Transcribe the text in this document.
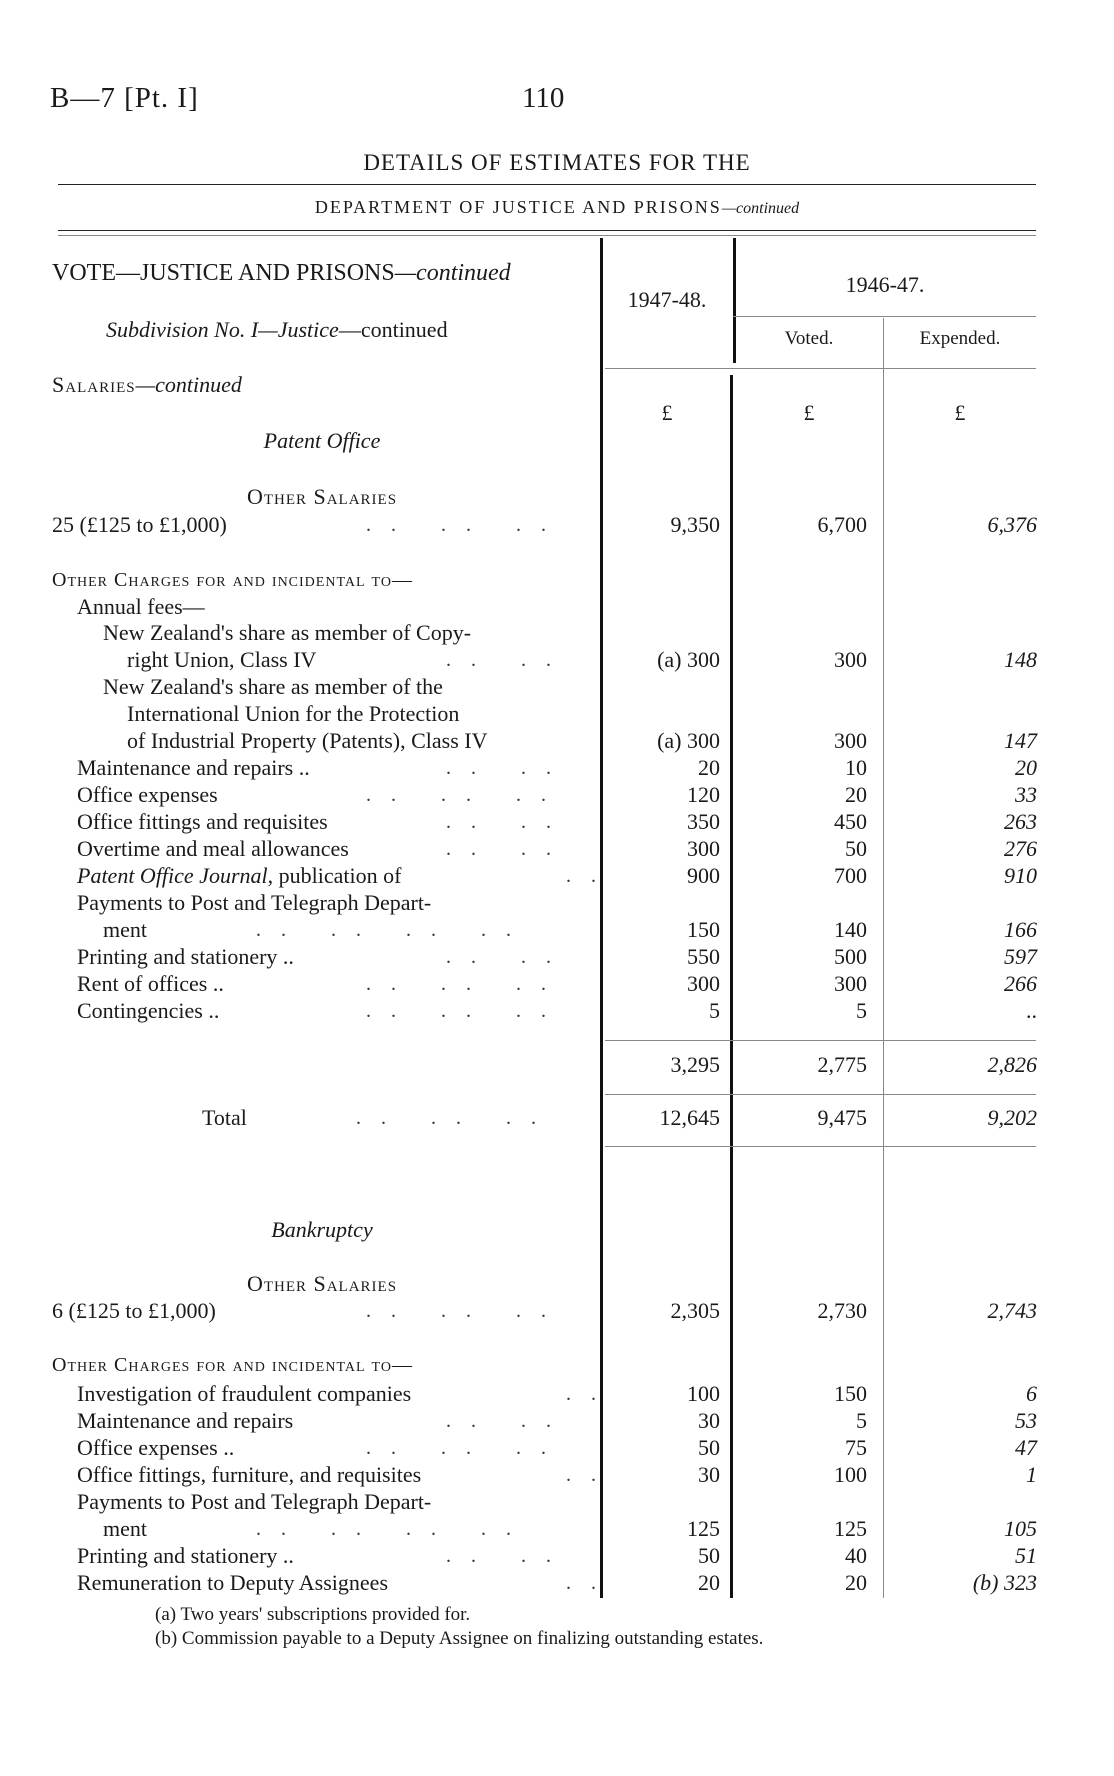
B—7 [Pt. I]	110
DETAILS OF ESTIMATES FOR THE
DEPARTMENT OF JUSTICE AND PRISONS—continued
1947-48.
1946-47.
Voted.	Expended.
VOTE—JUSTICE AND PRISONS—continued
Subdivision No. I—Justice—continued
Salaries—continued
£	£	£
Patent Office
Other Salaries
25 (£125 to £1,000)	.. .. ..	9,350	6,700	6,376
Other Charges for and incidental to—
Annual fees—
New Zealand's share as member of Copy-
right Union, Class IV	.. ..	(a) 300	300	148
New Zealand's share as member of the
International Union for the Protection
of Industrial Property (Patents), Class IV	(a) 300	300	147
Maintenance and repairs ..	.. ..	20	10	20
Office expenses	.. .. ..	120	20	33
Office fittings and requisites	.. ..	350	450	263
Overtime and meal allowances	.. ..	300	50	276
Patent Office Journal, publication of	..	900	700	910
Payments to Post and Telegraph Depart-
ment	.. .. .. ..	150	140	166
Printing and stationery ..	.. ..	550	500	597
Rent of offices ..	.. .. ..	300	300	266
Contingencies ..	.. .. ..	5	5	..
3,295	2,775	2,826
Total	.. .. ..	12,645	9,475	9,202
Bankruptcy
Other Salaries
6 (£125 to £1,000)	.. .. ..	2,305	2,730	2,743
Other Charges for and incidental to—
Investigation of fraudulent companies	..	100	150	6
Maintenance and repairs	.. ..	30	5	53
Office expenses ..	.. .. ..	50	75	47
Office fittings, furniture, and requisites	..	30	100	1
Payments to Post and Telegraph Depart-
ment	.. .. .. ..	125	125	105
Printing and stationery ..	.. ..	50	40	51
Remuneration to Deputy Assignees	..	20	20	(b) 323
(a) Two years' subscriptions provided for.
(b) Commission payable to a Deputy Assignee on finalizing outstanding estates.
